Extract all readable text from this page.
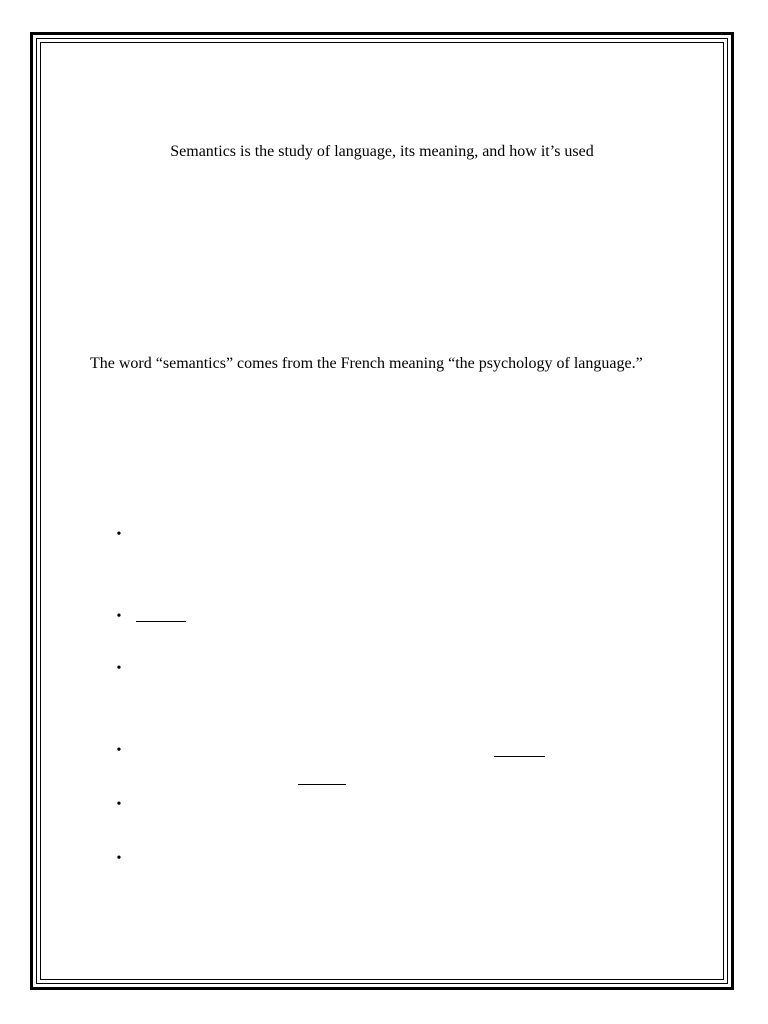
Semantics is the study of language, its meaning, and how it’s used
The word “semantics” comes from the French meaning “the psychology of language.”
•
•
•
•
•
•
